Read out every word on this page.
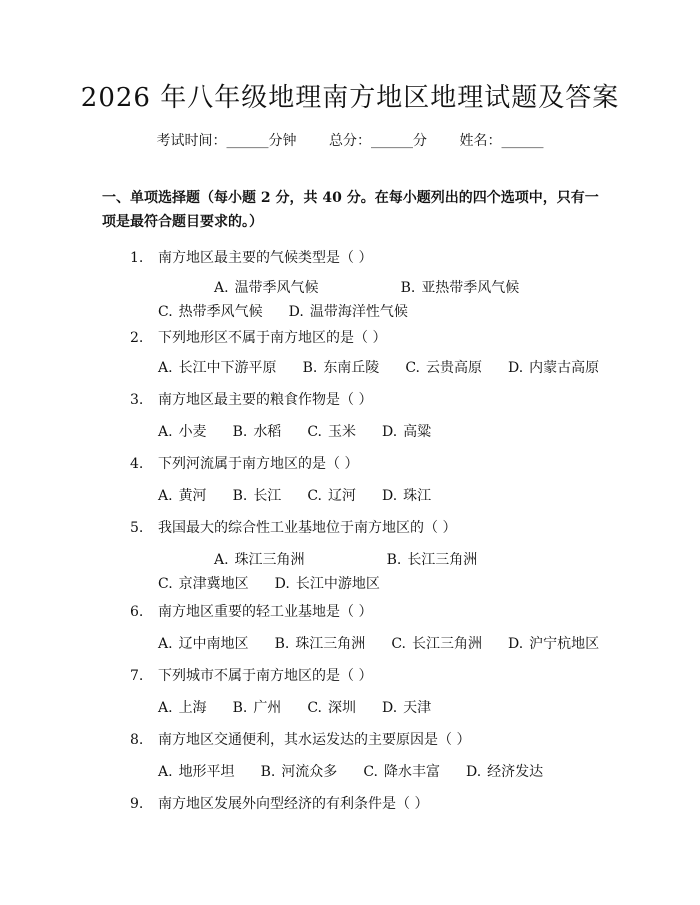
2026 年八年级地理南方地区地理试题及答案
考试时间：______分钟 总分：______分 姓名：______
一、单项选择题（每小题 2 分，共 40 分。在每小题列出的四个选项中，只有一项是最符合题目要求的。）
1. 南方地区最主要的气候类型是（ ）
A. 温带季风气候	B. 亚热带季风气候C. 热带季风气候 D. 温带海洋性气候
2. 下列地形区不属于南方地区的是（ ）
A. 长江中下游平原 B. 东南丘陵 C. 云贵高原 D. 内蒙古高原
3. 南方地区最主要的粮食作物是（ ）
A. 小麦 B. 水稻 C. 玉米 D. 高粱
4. 下列河流属于南方地区的是（ ）
A. 黄河 B. 长江 C. 辽河 D. 珠江
5. 我国最大的综合性工业基地位于南方地区的（ ）
A. 珠江三角洲	B. 长江三角洲C. 京津冀地区 D. 长江中游地区
6. 南方地区重要的轻工业基地是（ ）
A. 辽中南地区 B. 珠江三角洲 C. 长江三角洲 D. 沪宁杭地区
7. 下列城市不属于南方地区的是（ ）
A. 上海 B. 广州 C. 深圳 D. 天津
8. 南方地区交通便利，其水运发达的主要原因是（ ）
A. 地形平坦 B. 河流众多 C. 降水丰富 D. 经济发达
9. 南方地区发展外向型经济的有利条件是（ ）
